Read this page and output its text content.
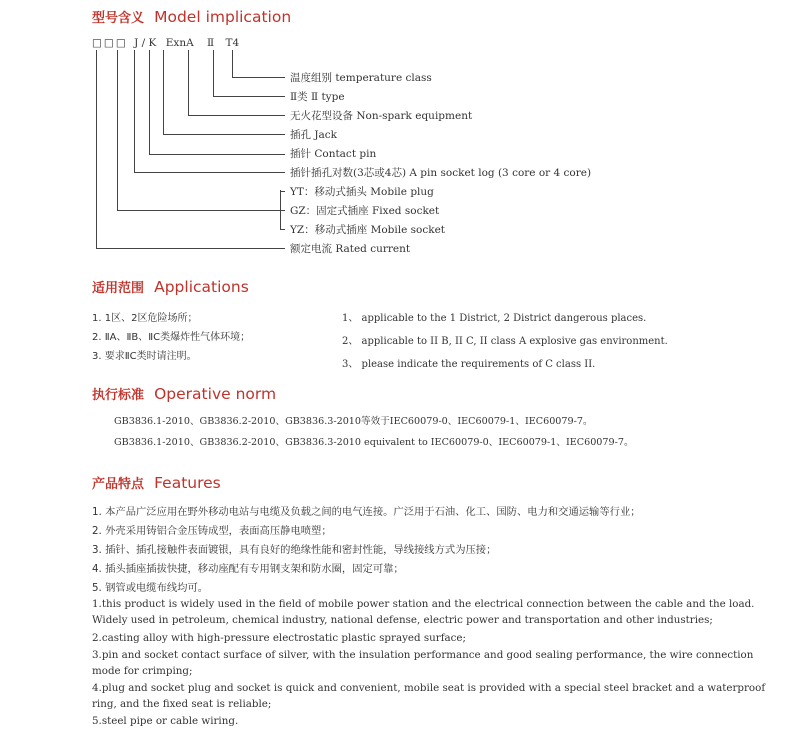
型号含义 Model implication
□□□ J / K ExnA Ⅱ T4
温度组别 temperature class
Ⅱ类 Ⅱ type
无火花型设备 Non-spark equipment
插孔 Jack
插针 Contact pin
插针插孔对数(3芯或4芯) A pin socket log (3 core or 4 core)
YT：移动式插头 Mobile plug
GZ：固定式插座 Fixed socket
YZ：移动式插座 Mobile socket
额定电流 Rated current
适用范围 Applications
1. 1区、2区危险场所；
2. ⅡA、ⅡB、ⅡC类爆炸性气体环境；
3. 要求ⅡC类时请注明。
1、 applicable to the 1 District, 2 District dangerous places.
2、 applicable to II B, II C, II class A explosive gas environment.
3、 please indicate the requirements of C class II.
执行标准 Operative norm
GB3836.1-2010、GB3836.2-2010、GB3836.3-2010等效于IEC60079-0、IEC60079-1、IEC60079-7。
GB3836.1-2010、GB3836.2-2010、GB3836.3-2010 equivalent to IEC60079-0、IEC60079-1、IEC60079-7。
产品特点 Features
1. 本产品广泛应用在野外移动电站与电缆及负载之间的电气连接。广泛用于石油、化工、国防、电力和交通运输等行业；
2. 外壳采用铸铝合金压铸成型，表面高压静电喷塑；
3. 插针、插孔接触件表面镀银，具有良好的绝缘性能和密封性能，导线接线方式为压接；
4. 插头插座插拔快捷，移动座配有专用钢支架和防水圈，固定可靠；
5. 钢管或电缆布线均可。
1.this product is widely used in the field of mobile power station and the electrical connection between the cable and the load. Widely used in petroleum, chemical industry, national defense, electric power and transportation and other industries;
2.casting alloy with high-pressure electrostatic plastic sprayed surface;
3.pin and socket contact surface of silver, with the insulation performance and good sealing performance, the wire connection mode for crimping;
4.plug and socket plug and socket is quick and convenient, mobile seat is provided with a special steel bracket and a waterproof ring, and the fixed seat is reliable;
5.steel pipe or cable wiring.
